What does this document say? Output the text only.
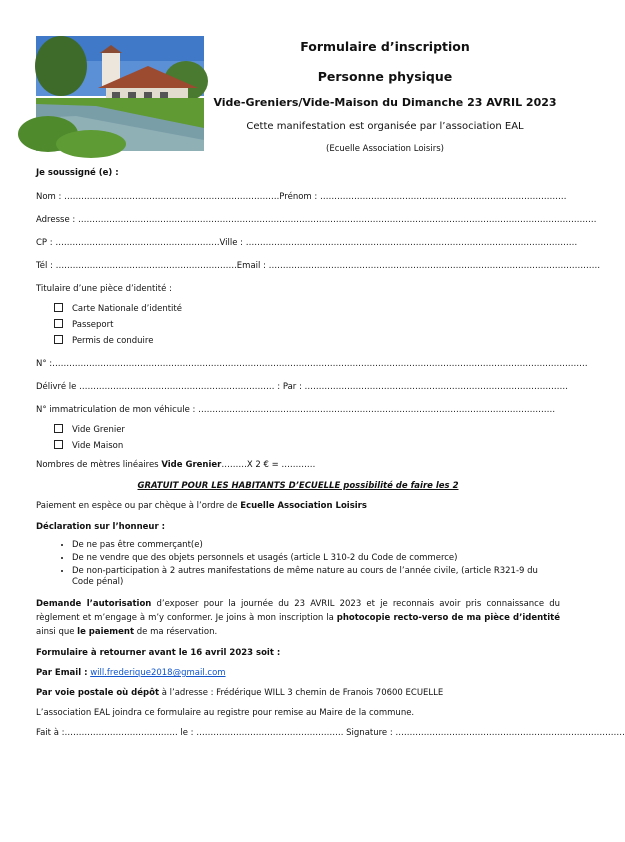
Formulaire d’inscription
Personne physique
Vide-Greniers/Vide-Maison du Dimanche 23 AVRIL 2023
Cette manifestation est organisée par l’association EAL
(Ecuelle Association Loisirs)
Je soussigné (e) :
Nom : ………………………………………………………………….Prénom : ……………………………………………………………………………
Adresse : …………………………………………………………………………………………………………………………………………………………………
CP : ………………………………………………….Ville : ………………………………………………………………………………………………………
Tél : ……………………………………………………….Email : ………………………………………………………………………………………………………
Titulaire d’une pièce d’identité :
Carte Nationale d’identité
Passeport
Permis de conduire
N° :………………………………………………………………………………………………………………………………………………………………………
Délivré le …………………………………………………………… : Par : …………………………………………………………………………………
N° immatriculation de mon véhicule : ………………………………………………………………………………………………………………
Vide Grenier
Vide Maison
Nombres de mètres linéaires Vide Grenier………X 2 € = …………
GRATUIT POUR LES HABITANTS D’ECUELLE possibilité de faire les 2
Paiement en espèce ou par chèque à l’ordre de Ecuelle Association Loisirs
Déclaration sur l’honneur :
• De ne pas être commerçant(e)
• De ne vendre que des objets personnels et usagés (article L 310-2 du Code de commerce)
• De non-participation à 2 autres manifestations de même nature au cours de l’année civile, (article R321-9 du Code pénal)
Demande l’autorisation d’exposer pour la journée du 23 AVRIL 2023 et je reconnais avoir pris connaissance du règlement et m’engage à m’y conformer. Je joins à mon inscription la photocopie recto-verso de ma pièce d’identité ainsi que le paiement de ma réservation.
Formulaire à retourner avant le 16 avril 2023 soit :
Par Email : will.frederique2018@gmail.com
Par voie postale où dépôt à l’adresse : Frédérique WILL 3 chemin de Franois 70600 ECUELLE
L’association EAL joindra ce formulaire au registre pour remise au Maire de la commune.
Fait à :…………………………………. le : ……………………………………………. Signature : ………………………………………………………………………
